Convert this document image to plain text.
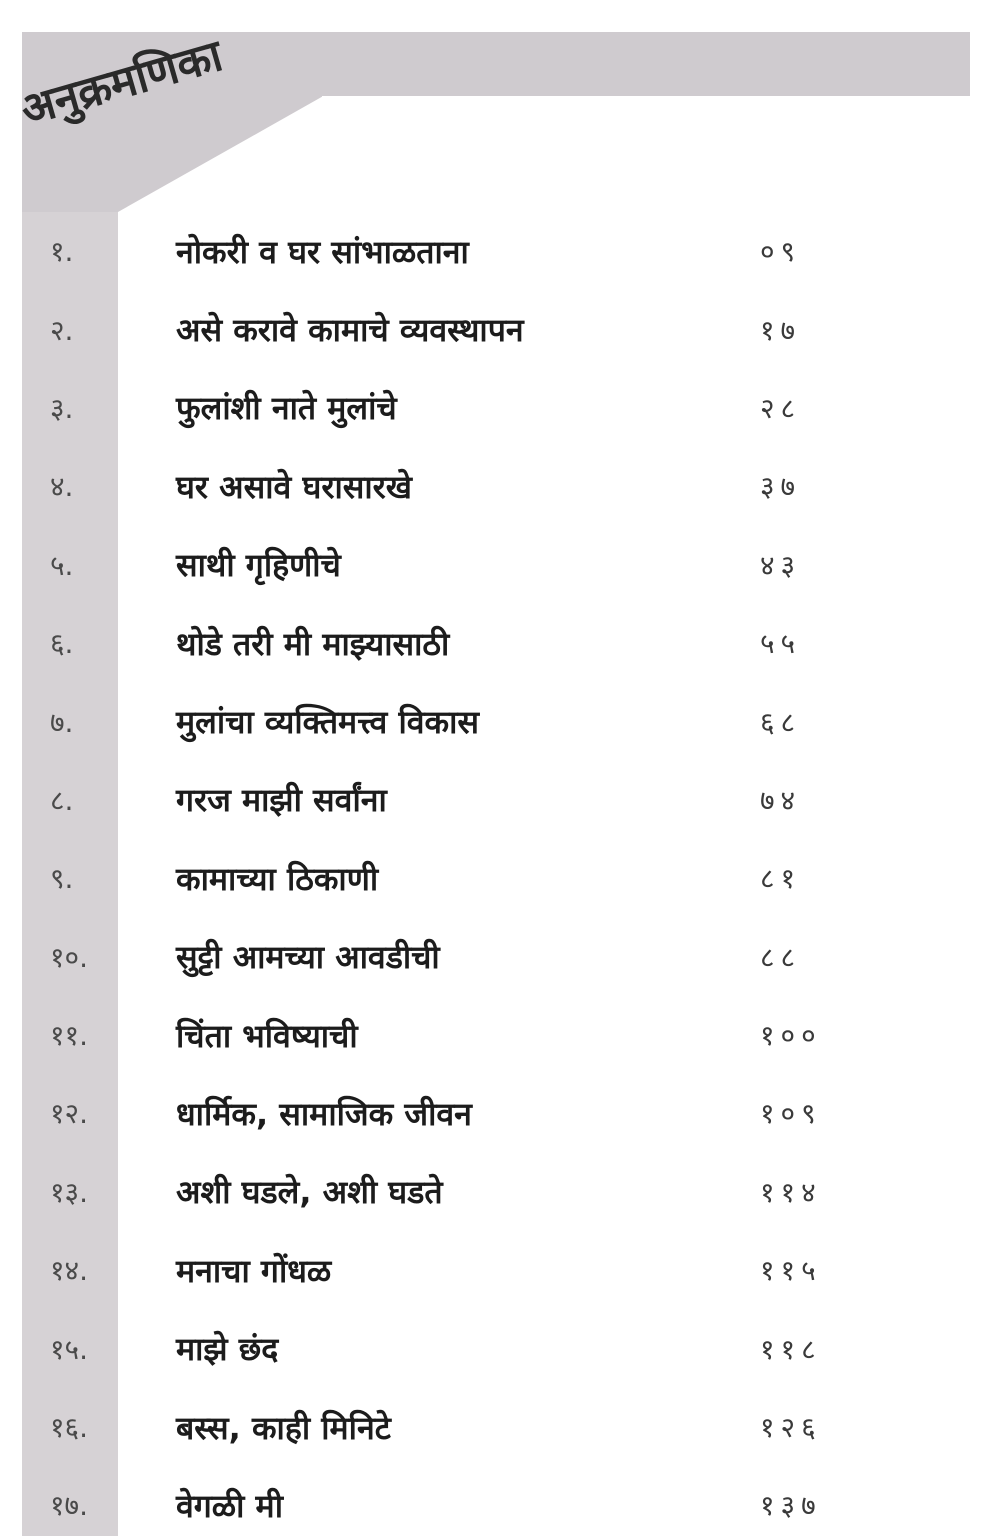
अनुक्रमणिका
१.	नोकरी व घर सांभाळताना	०९
२.	असे करावे कामाचे व्यवस्थापन	१७
३.	फुलांशी नाते मुलांचे	२८
४.	घर असावे घरासारखे	३७
५.	साथी गृहिणीचे	४३
६.	थोडे तरी मी माझ्यासाठी	५५
७.	मुलांचा व्यक्तिमत्त्व विकास	६८
८.	गरज माझी सर्वांना	७४
९.	कामाच्या ठिकाणी	८१
१०.	सुट्टी आमच्या आवडीची	८८
११.	चिंता भविष्याची	१००
१२.	धार्मिक, सामाजिक जीवन	१०९
१३.	अशी घडले, अशी घडते	११४
१४.	मनाचा गोंधळ	११५
१५.	माझे छंद	११८
१६.	बस्स, काही मिनिटे	१२६
१७.	वेगळी मी	१३७
